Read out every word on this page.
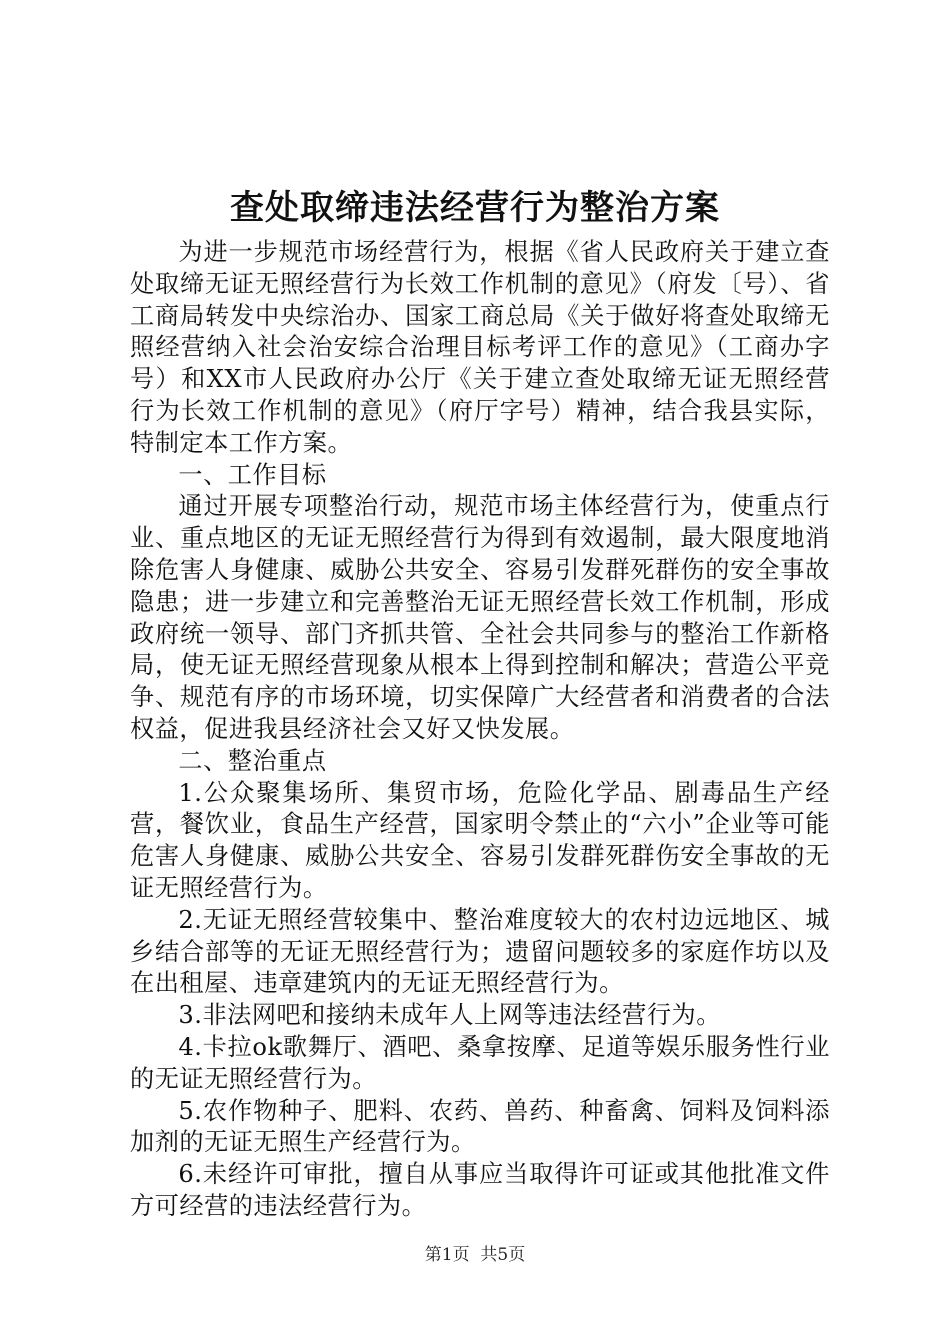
查处取缔违法经营行为整治方案

为进一步规范市场经营行为，根据《省人民政府关于建立查处取缔无证无照经营行为长效工作机制的意见》（府发〔号）、省工商局转发中央综治办、国家工商总局《关于做好将查处取缔无照经营纳入社会治安综合治理目标考评工作的意见》（工商办字号）和XX市人民政府办公厅《关于建立查处取缔无证无照经营行为长效工作机制的意见》（府厅字号）精神，结合我县实际，特制定本工作方案。

一、工作目标

通过开展专项整治行动，规范市场主体经营行为，使重点行业、重点地区的无证无照经营行为得到有效遏制，最大限度地消除危害人身健康、威胁公共安全、容易引发群死群伤的安全事故隐患；进一步建立和完善整治无证无照经营长效工作机制，形成政府统一领导、部门齐抓共管、全社会共同参与的整治工作新格局，使无证无照经营现象从根本上得到控制和解决；营造公平竞争、规范有序的市场环境，切实保障广大经营者和消费者的合法权益，促进我县经济社会又好又快发展。

二、整治重点

1.公众聚集场所、集贸市场，危险化学品、剧毒品生产经营，餐饮业，食品生产经营，国家明令禁止的“六小”企业等可能危害人身健康、威胁公共安全、容易引发群死群伤安全事故的无证无照经营行为。

2.无证无照经营较集中、整治难度较大的农村边远地区、城乡结合部等的无证无照经营行为；遗留问题较多的家庭作坊以及在出租屋、违章建筑内的无证无照经营行为。

3.非法网吧和接纳未成年人上网等违法经营行为。

4.卡拉ok歌舞厅、酒吧、桑拿按摩、足道等娱乐服务性行业的无证无照经营行为。

5.农作物种子、肥料、农药、兽药、种畜禽、饲料及饲料添加剂的无证无照生产经营行为。

6.未经许可审批，擅自从事应当取得许可证或其他批准文件方可经营的违法经营行为。

第1页  共5页
